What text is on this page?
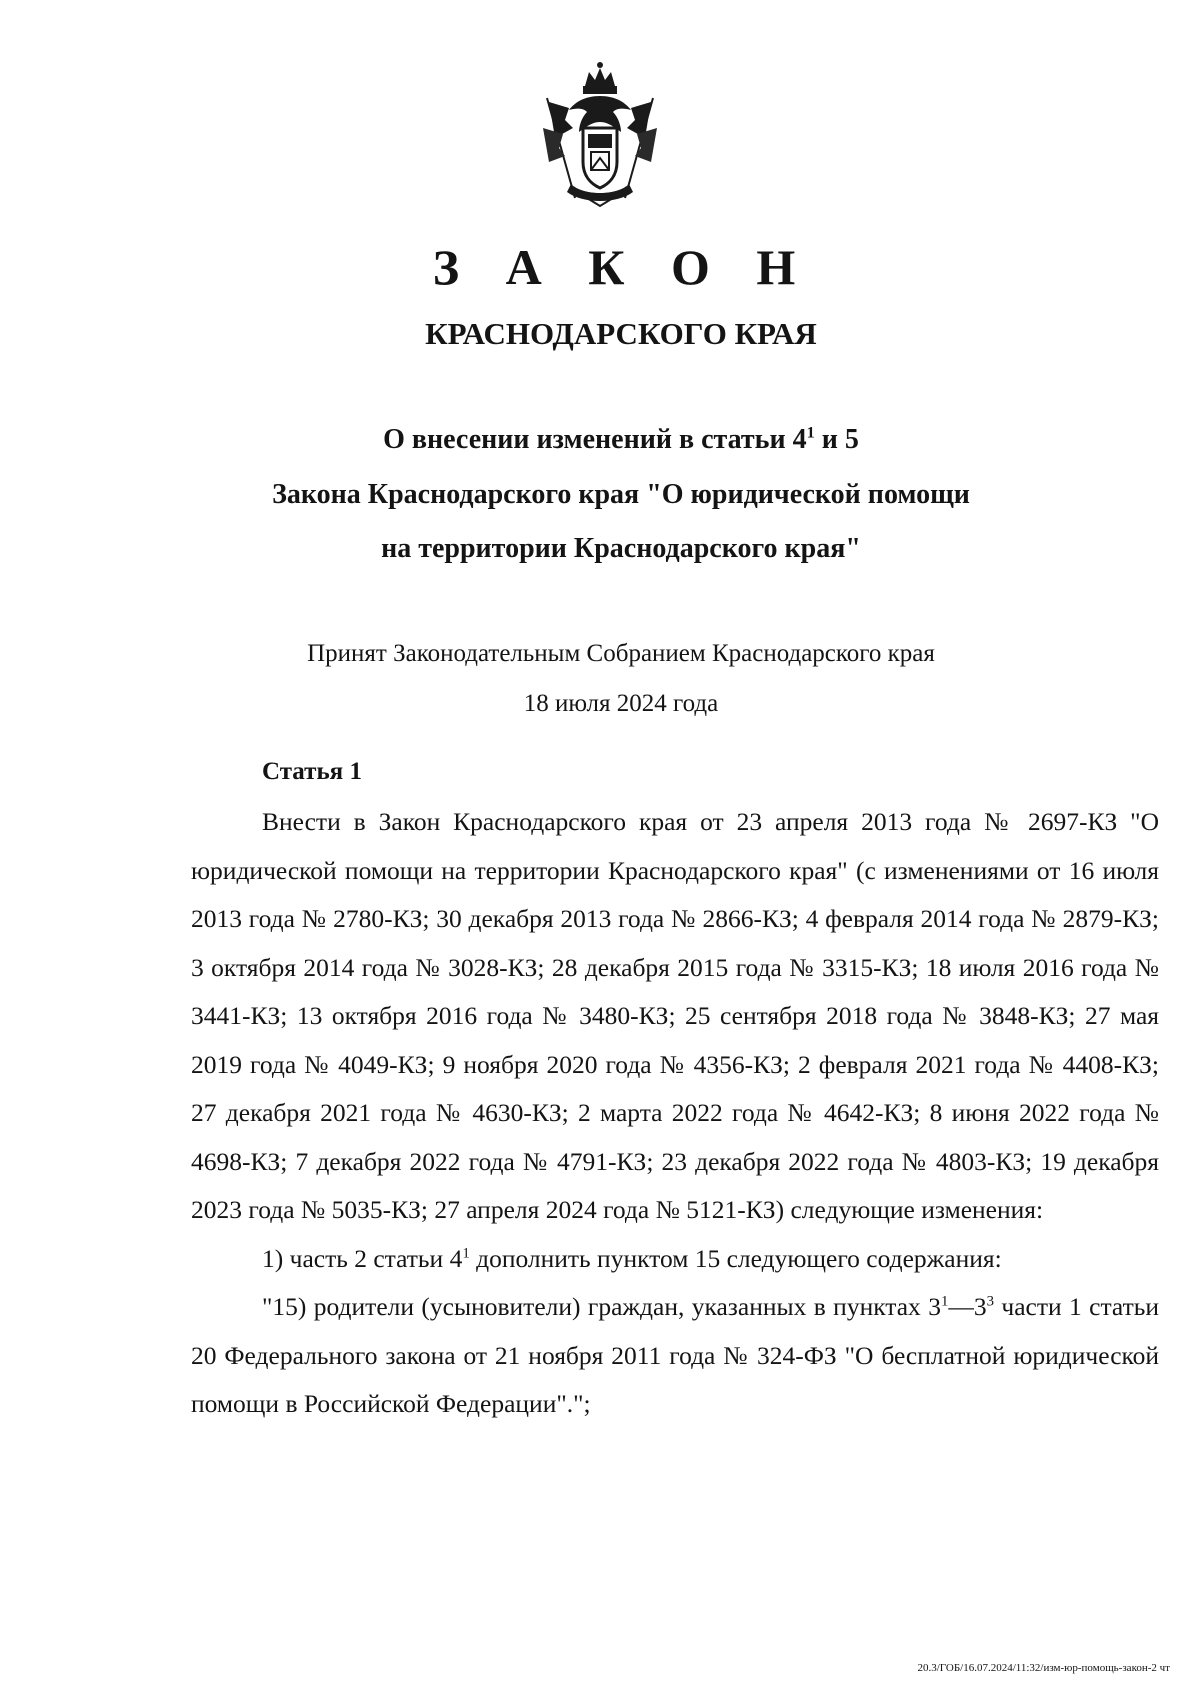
З А К О Н
КРАСНОДАРСКОГО КРАЯ
О внесении изменений в статьи $4^1$ и 5
Закона Краснодарского края "О юридической помощи
на территории Краснодарского края"
Принят Законодательным Собранием Краснодарского края
18 июля 2024 года
Статья 1

Внести в Закон Краснодарского края от 23 апреля 2013 года № 2697-КЗ "О юридической помощи на территории Краснодарского края" (с изменениями от 16 июля 2013 года № 2780-КЗ; 30 декабря 2013 года № 2866-КЗ; 4 февраля 2014 года № 2879-КЗ; 3 октября 2014 года № 3028-КЗ; 28 декабря 2015 года № 3315-КЗ; 18 июля 2016 года № 3441-КЗ; 13 октября 2016 года № 3480-КЗ; 25 сентября 2018 года № 3848-КЗ; 27 мая 2019 года № 4049-КЗ; 9 ноября 2020 года № 4356-КЗ; 2 февраля 2021 года № 4408-КЗ; 27 декабря 2021 года № 4630-КЗ; 2 марта 2022 года № 4642-КЗ; 8 июня 2022 года № 4698-КЗ; 7 декабря 2022 года № 4791-КЗ; 23 декабря 2022 года № 4803-КЗ; 19 декабря 2023 года № 5035-КЗ; 27 апреля 2024 года № 5121-КЗ) следующие изменения:

1) часть 2 статьи $4^1$ дополнить пунктом 15 следующего содержания:

"15) родители (усыновители) граждан, указанных в пунктах $3^1—3^3$ части 1 статьи 20 Федерального закона от 21 ноября 2011 года № 324-ФЗ "О бесплатной юридической помощи в Российской Федерации".";

20.3/ГОБ/16.07.2024/11:32/изм-юр-помощь-закон-2 чт
